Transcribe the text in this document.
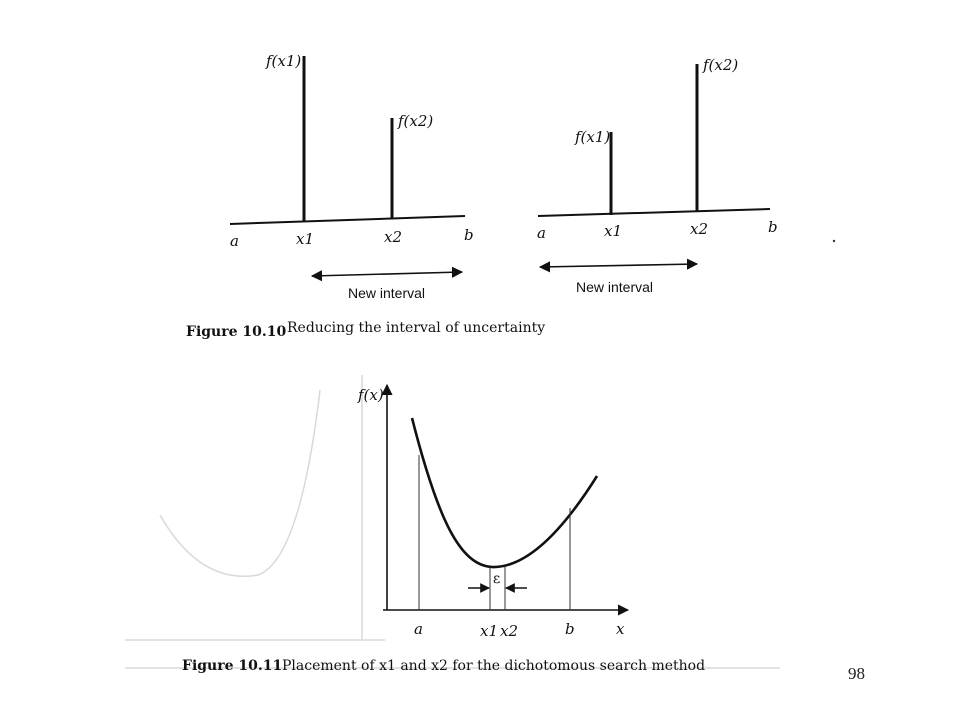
f(x1)
f(x2)
a	x1	x2	b
New interval
f(x1)
f(x2)
a	x1	x2	b
New interval
Figure 10.10 Reducing the interval of uncertainty
f(x)
x
ε
a	x1 x2	b
Figure 10.11 Placement of x1 and x2 for the dichotomous search method	98
